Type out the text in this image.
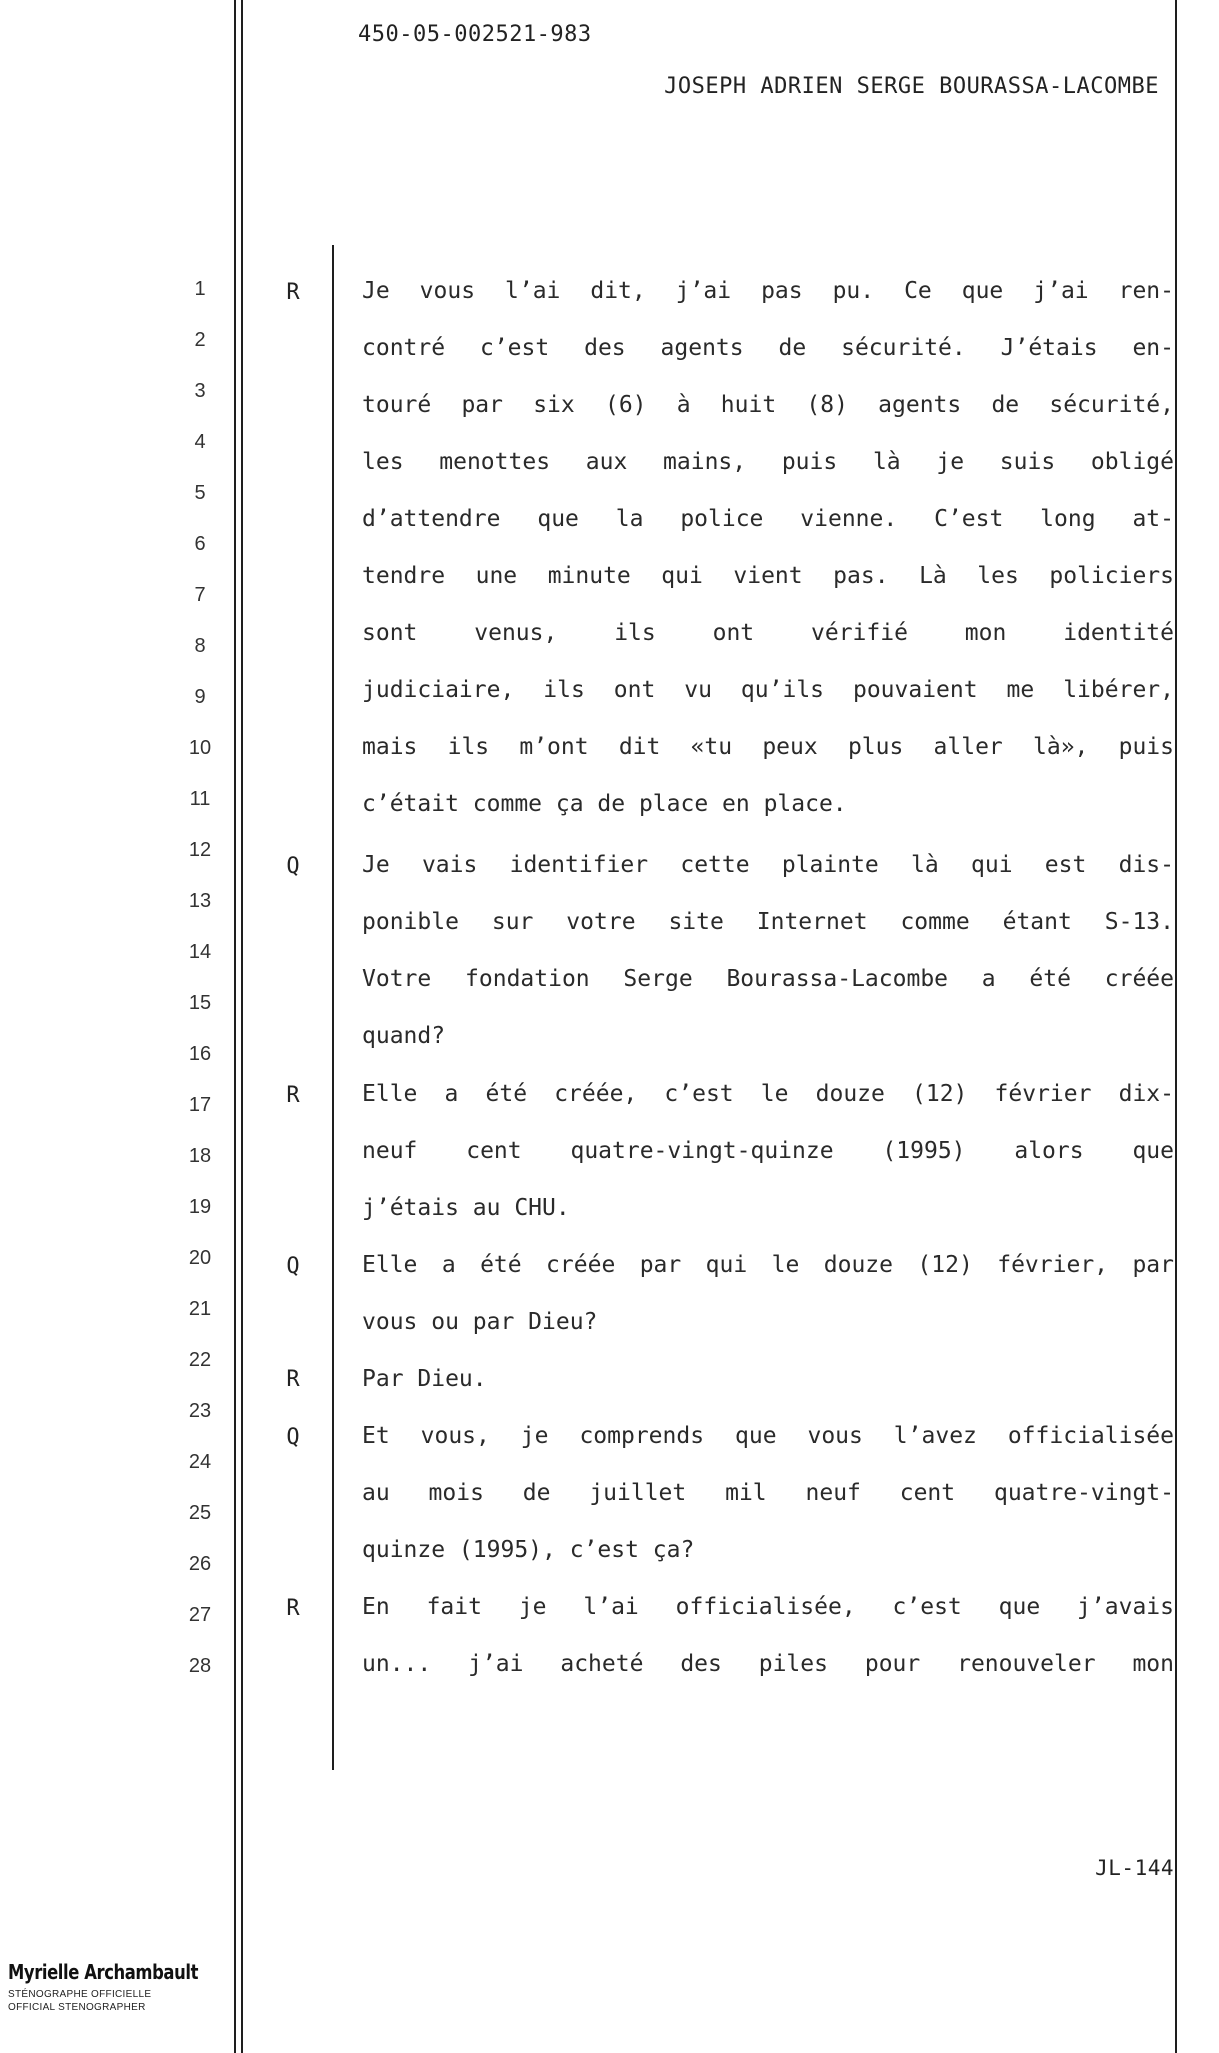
450-05-002521-983
JOSEPH ADRIEN SERGE BOURASSA-LACOMBE
1
2
3
4
5
6
7
8
9
10
11
12
13
14
15
16
17
18
19
20
21
22
23
24
25
26
27
28
R
Q
R
Q
R
Q
R
Je vous l’ai dit, j’ai pas pu. Ce que j’ai ren-
contré c’est des agents de sécurité. J’étais en-
touré par six (6) à huit (8) agents de sécurité,
les menottes aux mains, puis là je suis obligé
d’attendre que la police vienne. C’est long at-
tendre une minute qui vient pas. Là les policiers
sont venus, ils ont vérifié mon identité
judiciaire, ils ont vu qu’ils pouvaient me libérer,
mais ils m’ont dit «tu peux plus aller là», puis
c’était comme ça de place en place.
Je vais identifier cette plainte là qui est dis-
ponible sur votre site Internet comme étant S-13.
Votre fondation Serge Bourassa-Lacombe a été créée
quand?
Elle a été créée, c’est le douze (12) février dix-
neuf cent quatre-vingt-quinze (1995) alors que
j’étais au CHU.
Elle a été créée par qui le douze (12) février, par
vous ou par Dieu?
Par Dieu.
Et vous, je comprends que vous l’avez officialisée
au mois de juillet mil neuf cent quatre-vingt-
quinze (1995), c’est ça?
En fait je l’ai officialisée, c’est que j’avais
un... j’ai acheté des piles pour renouveler mon
JL-144
Myrielle Archambault
STÉNOGRAPHE OFFICIELLE
OFFICIAL STENOGRAPHER
